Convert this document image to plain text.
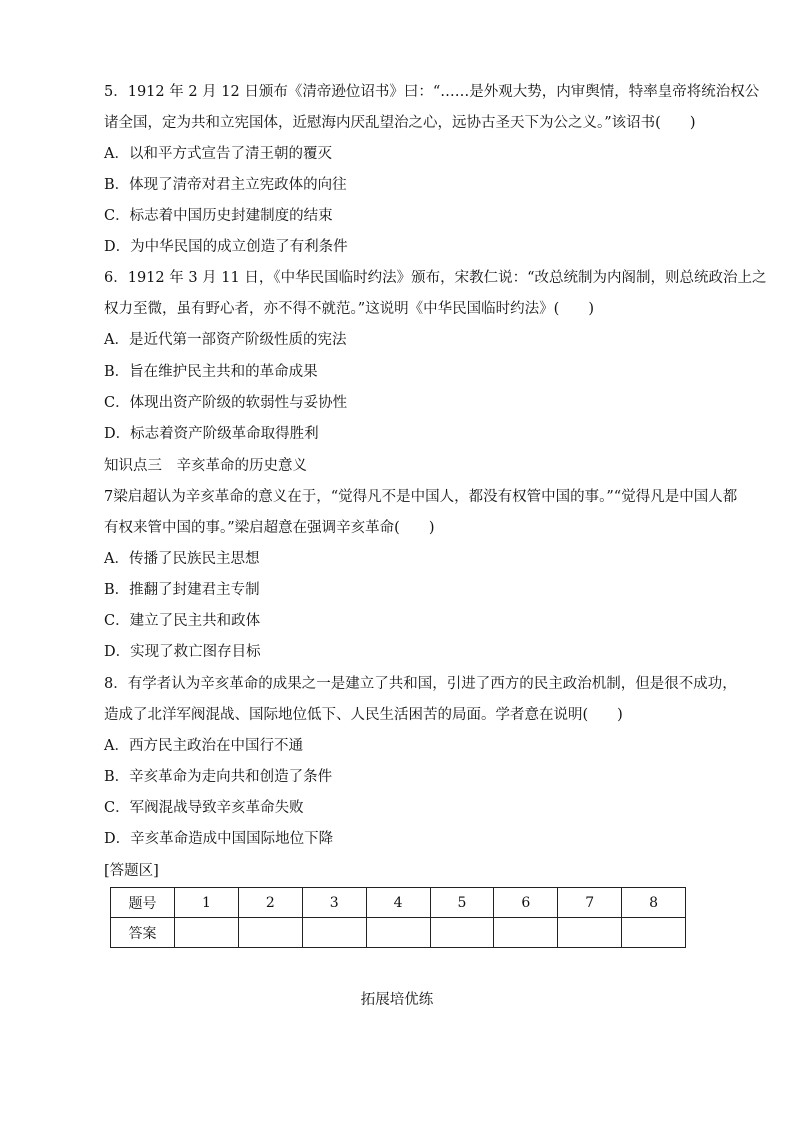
5．1912 年 2 月 12 日颁布《清帝逊位诏书》曰：“……是外观大势，内审舆情，特率皇帝将统治权公
诸全国，定为共和立宪国体，近慰海内厌乱望治之心，远协古圣天下为公之义。”该诏书(　　)
A．以和平方式宣告了清王朝的覆灭
B．体现了清帝对君主立宪政体的向往
C．标志着中国历史封建制度的结束
D．为中华民国的成立创造了有利条件
6．1912 年 3 月 11 日，《中华民国临时约法》颁布，宋教仁说：“改总统制为内阁制，则总统政治上之
权力至微，虽有野心者，亦不得不就范。”这说明《中华民国临时约法》(　　)
A．是近代第一部资产阶级性质的宪法
B．旨在维护民主共和的革命成果
C．体现出资产阶级的软弱性与妥协性
D．标志着资产阶级革命取得胜利
知识点三　辛亥革命的历史意义
7梁启超认为辛亥革命的意义在于，“觉得凡不是中国人，都没有权管中国的事。”“觉得凡是中国人都
有权来管中国的事。”梁启超意在强调辛亥革命(　　)
A．传播了民族民主思想
B．推翻了封建君主专制
C．建立了民主共和政体
D．实现了救亡图存目标
8．有学者认为辛亥革命的成果之一是建立了共和国，引进了西方的民主政治机制，但是很不成功，
造成了北洋军阀混战、国际地位低下、人民生活困苦的局面。学者意在说明(　　)
A．西方民主政治在中国行不通
B．辛亥革命为走向共和创造了条件
C．军阀混战导致辛亥革命失败
D．辛亥革命造成中国国际地位下降
[答题区]
题号	1	2	3	4	5	6	7	8
答案								
拓展培优练
